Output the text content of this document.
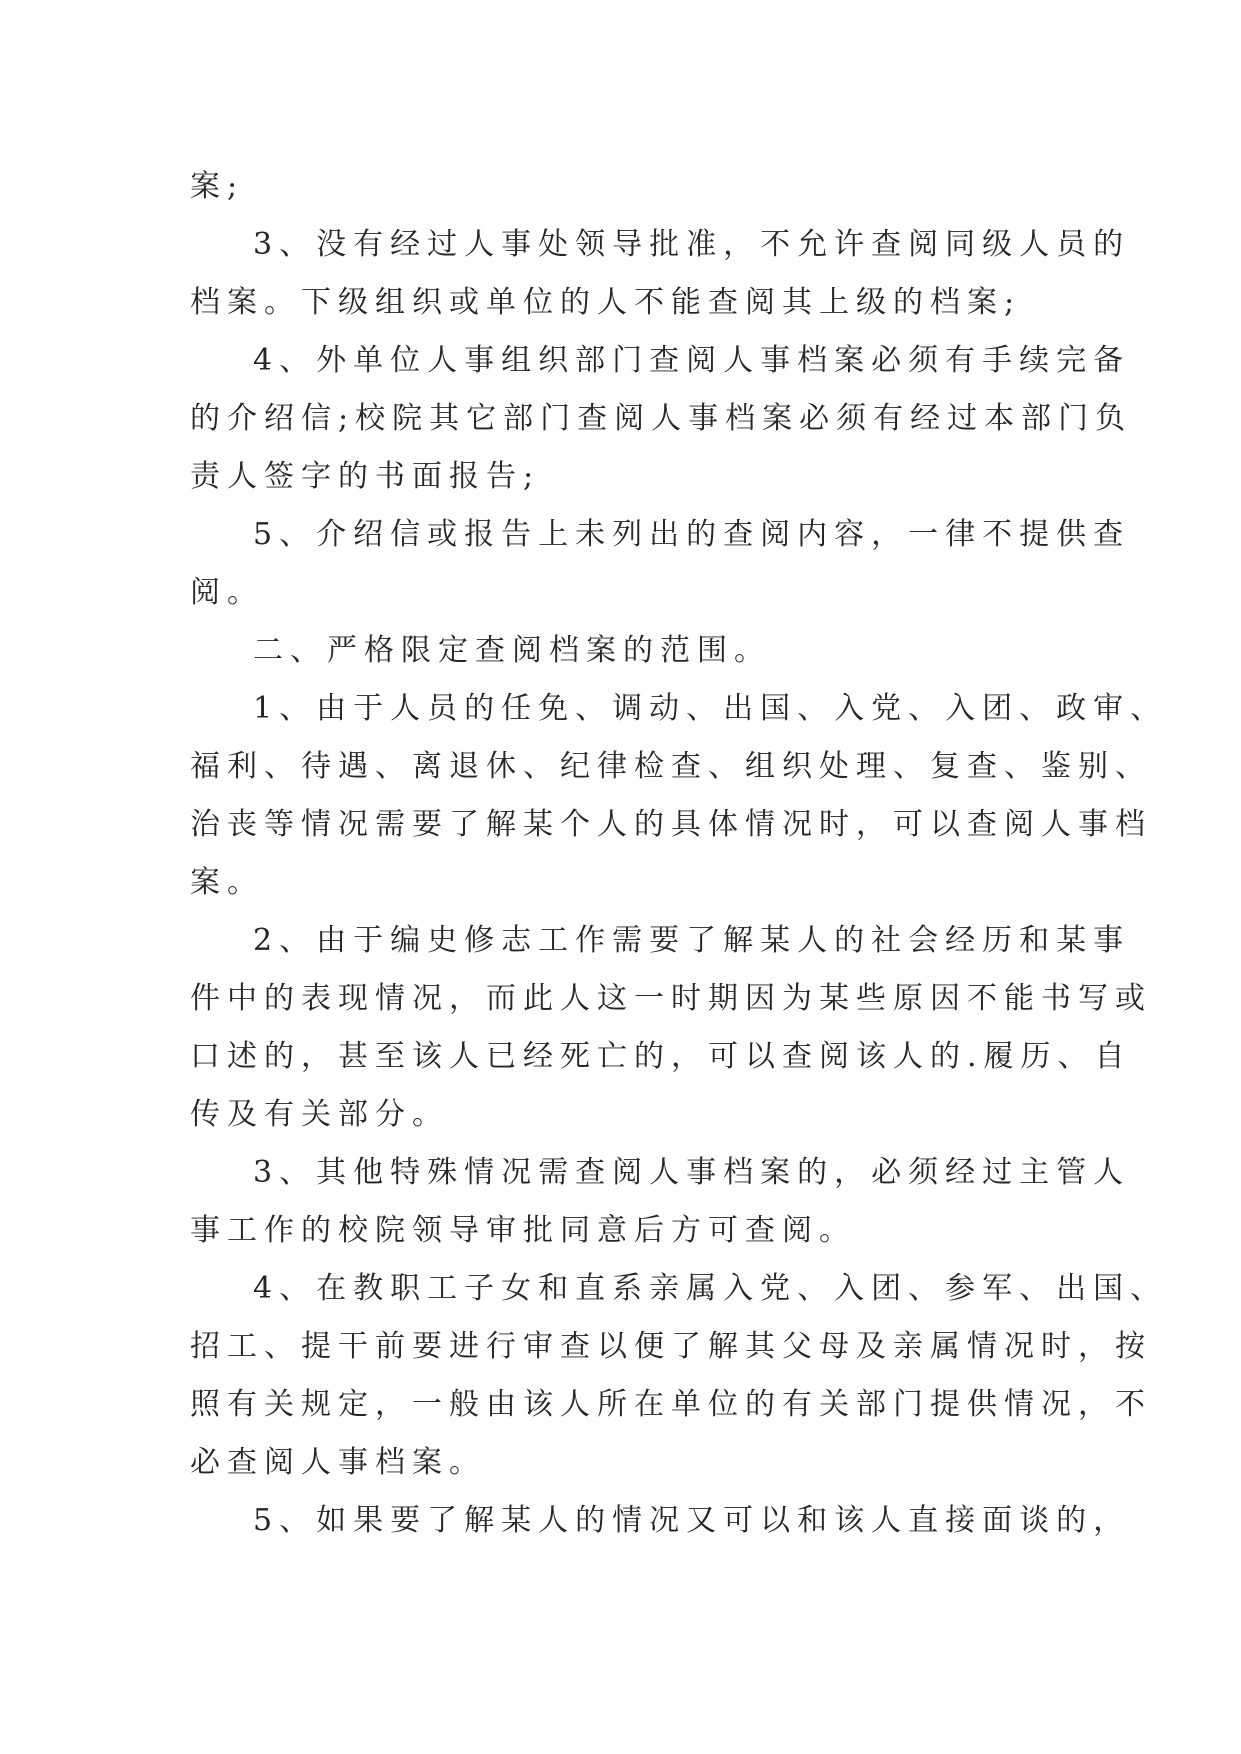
案;

3、没有经过人事处领导批准，不允许查阅同级人员的

档案。下级组织或单位的人不能查阅其上级的档案;

4、外单位人事组织部门查阅人事档案必须有手续完备

的介绍信;校院其它部门查阅人事档案必须有经过本部门负

责人签字的书面报告;

5、介绍信或报告上未列出的查阅内容，一律不提供查

阅。

二、严格限定查阅档案的范围。

1、由于人员的任免、调动、出国、入党、入团、政审、

福利、待遇、离退休、纪律检查、组织处理、复查、鉴别、

治丧等情况需要了解某个人的具体情况时，可以查阅人事档

案。

2、由于编史修志工作需要了解某人的社会经历和某事

件中的表现情况，而此人这一时期因为某些原因不能书写或

口述的，甚至该人已经死亡的，可以查阅该人的.履历、自

传及有关部分。

3、其他特殊情况需查阅人事档案的，必须经过主管人

事工作的校院领导审批同意后方可查阅。

4、在教职工子女和直系亲属入党、入团、参军、出国、

招工、提干前要进行审查以便了解其父母及亲属情况时，按

照有关规定，一般由该人所在单位的有关部门提供情况，不

必查阅人事档案。

5、如果要了解某人的情况又可以和该人直接面谈的，
